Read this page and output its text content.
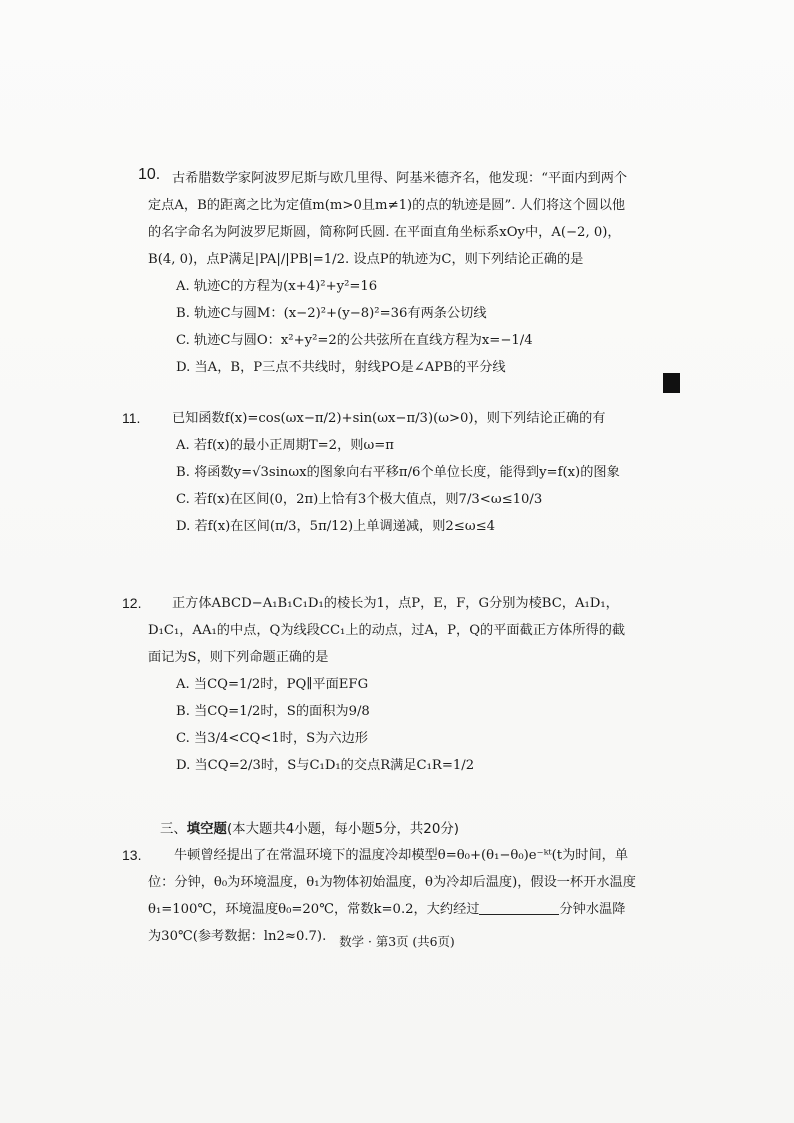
10. 古希腊数学家阿波罗尼斯与欧几里得、阿基米德齐名，他发现：“平面内到两个定点A，B的距离之比为定值m(m>0且m≠1)的点的轨迹是圆”. 人们将这个圆以他的名字命名为阿波罗尼斯圆，简称阿氏圆. 在平面直角坐标系xOy中，A(−2, 0)，B(4, 0)，点P满足|PA|/|PB|=1/2. 设点P的轨迹为C，则下列结论正确的是
A. 轨迹C的方程为(x+4)²+y²=16
B. 轨迹C与圆M：(x−2)²+(y−8)²=36有两条公切线
C. 轨迹C与圆O：x²+y²=2的公共弦所在直线方程为x=−1/4
D. 当A，B，P三点不共线时，射线PO是∠APB的平分线
11.	已知函数f(x)=cos(ωx−π/2)+sin(ωx−π/3)(ω>0)，则下列结论正确的有
A. 若f(x)的最小正周期T=2，则ω=π
B. 将函数y=√3sinωx的图象向右平移π/6个单位长度，能得到y=f(x)的图象
C. 若f(x)在区间(0，2π)上恰有3个极大值点，则7/3<ω≤10/3
D. 若f(x)在区间(π/3，5π/12)上单调递减，则2≤ω≤4
12.	正方体ABCD−A₁B₁C₁D₁的棱长为1，点P，E，F，G分别为棱BC，A₁D₁，D₁C₁，AA₁的中点，Q为线段CC₁上的动点，过A，P，Q的平面截正方体所得的截面记为S，则下列命题正确的是
A. 当CQ=1/2时，PQ∥平面EFG
B. 当CQ=1/2时，S的面积为9/8
C. 当3/4<CQ<1时，S为六边形
D. 当CQ=2/3时，S与C₁D₁的交点R满足C₁R=1/2
三、填空题(本大题共4小题，每小题5分，共20分)
13.	牛顿曾经提出了在常温环境下的温度冷却模型θ=θ₀+(θ₁−θ₀)e⁻ᵏᵗ(t为时间，单位：分钟，θ₀为环境温度，θ₁为物体初始温度，θ为冷却后温度)，假设一杯开水温度θ₁=100℃，环境温度θ₀=20℃，常数k=0.2，大约经过	分钟水温降为30℃(参考数据：ln2≈0.7).	数学 · 第3页 (共6页)
